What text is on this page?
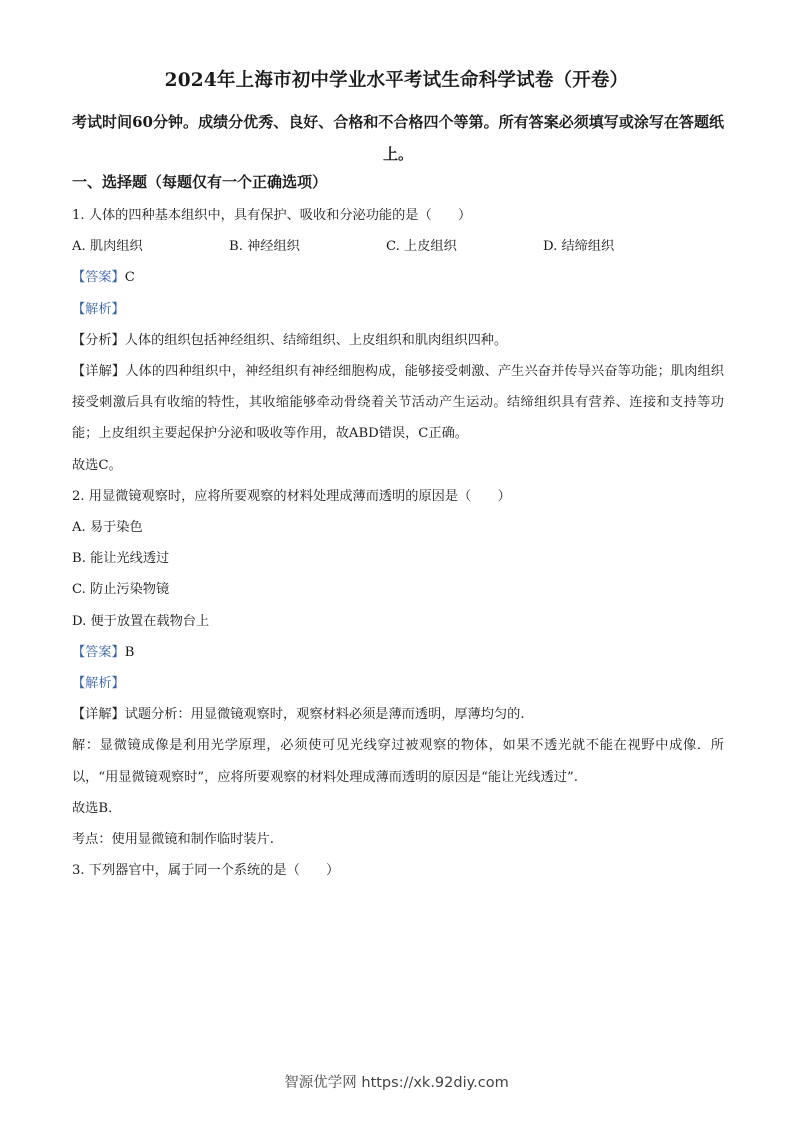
2024年上海市初中学业水平考试生命科学试卷（开卷）
考试时间60分钟。成绩分优秀、良好、合格和不合格四个等第。所有答案必须填写或涂写在答题纸上。
一、选择题（每题仅有一个正确选项）

1. 人体的四种基本组织中，具有保护、吸收和分泌功能的是（　　）

A. 肌肉组织	B. 神经组织	C. 上皮组织	D. 结缔组织

【答案】C

【解析】

【分析】人体的组织包括神经组织、结缔组织、上皮组织和肌肉组织四种。

【详解】人体的四种组织中，神经组织有神经细胞构成，能够接受刺激、产生兴奋并传导兴奋等功能；肌肉组织接受刺激后具有收缩的特性，其收缩能够牵动骨绕着关节活动产生运动。结缔组织具有营养、连接和支持等功能；上皮组织主要起保护分泌和吸收等作用，故ABD错误，C正确。

故选C。

2. 用显微镜观察时，应将所要观察的材料处理成薄而透明的原因是（　　）

A. 易于染色

B. 能让光线透过

C. 防止污染物镜

D. 便于放置在载物台上

【答案】B

【解析】

【详解】试题分析：用显微镜观察时，观察材料必须是薄而透明，厚薄均匀的.

解：显微镜成像是利用光学原理，必须使可见光线穿过被观察的物体，如果不透光就不能在视野中成像．所以，“用显微镜观察时”，应将所要观察的材料处理成薄而透明的原因是“能让光线透过”.

故选B．

考点：使用显微镜和制作临时装片.

3. 下列器官中，属于同一个系统的是（　　）

智源优学网 https://xk.92diy.com
